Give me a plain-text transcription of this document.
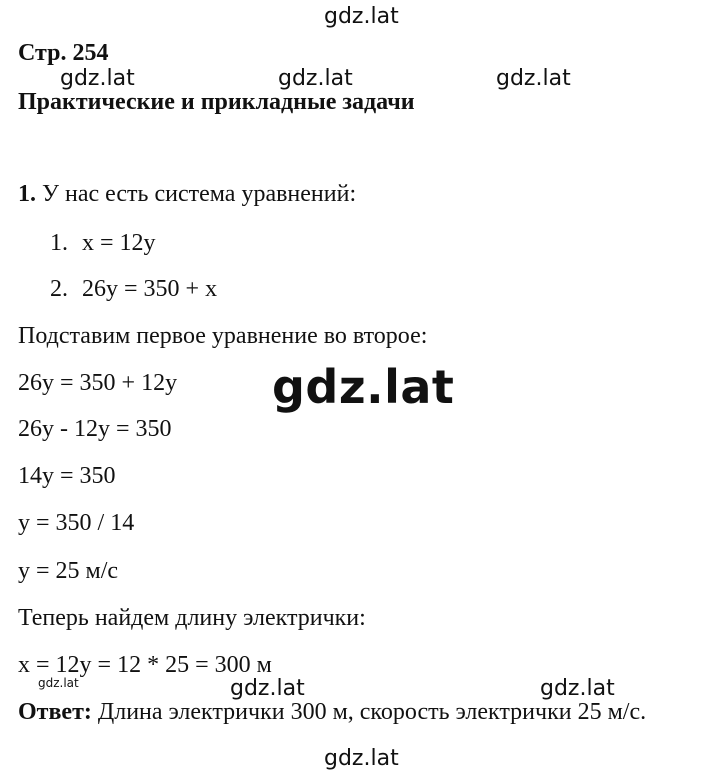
gdz.lat
gdz.lat	gdz.lat	gdz.lat
gdz.lat
gdz.lat	gdz.lat	gdz.lat
gdz.lat
Стр. 254
Практические и прикладные задачи
1. У нас есть система уравнений:
1. x = 12y
2. 26y = 350 + x
Подставим первое уравнение во второе:
26y = 350 + 12y
26y - 12y = 350
14y = 350
y = 350 / 14
y = 25 м/с
Теперь найдем длину электрички:
x = 12y = 12 * 25 = 300 м
Ответ: Длина электрички 300 м, скорость электрички 25 м/с.
